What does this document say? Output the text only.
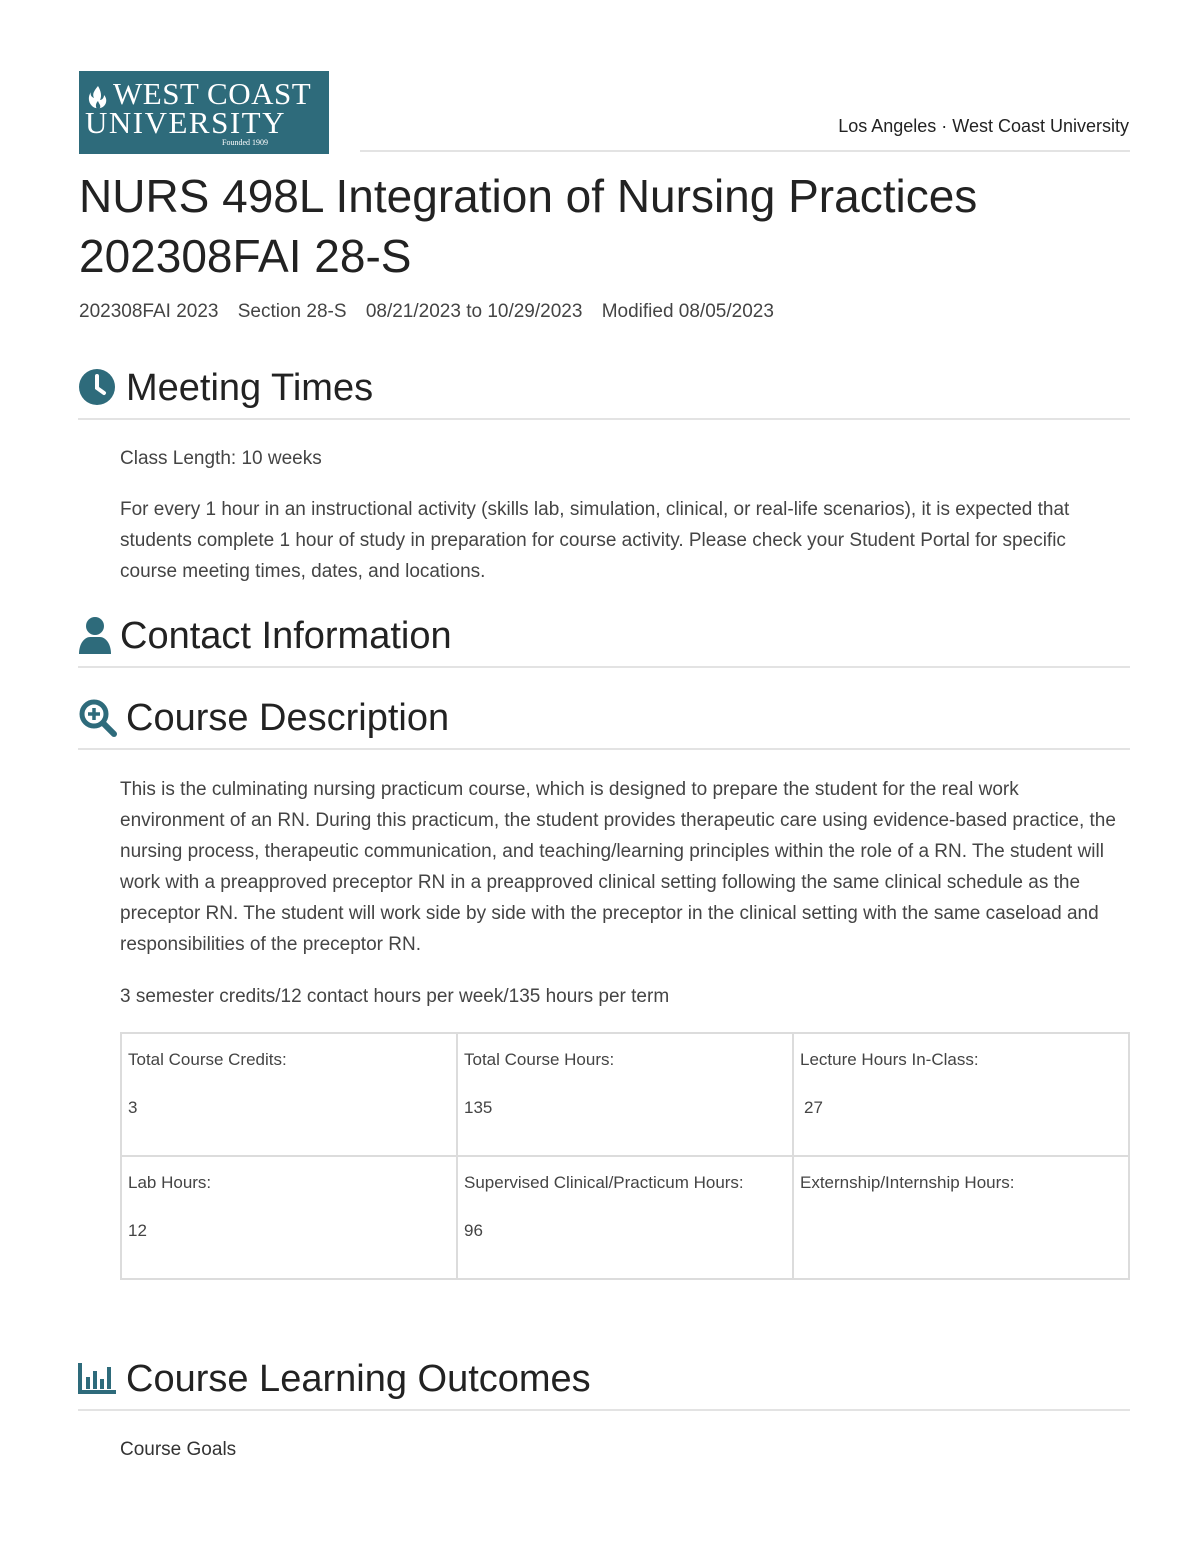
WEST COAST
UNIVERSITY
Founded 1909
Los Angeles · West Coast University
NURS 498L Integration of Nursing Practices 202308FAI 28-S
202308FAI 2023 Section 28-S 08/21/2023 to 10/29/2023 Modified 08/05/2023
Meeting Times
Class Length: 10 weeks
For every 1 hour in an instructional activity (skills lab, simulation, clinical, or real-life scenarios), it is expected that students complete 1 hour of study in preparation for course activity. Please check your Student Portal for specific course meeting times, dates, and locations.
Contact Information
Course Description
This is the culminating nursing practicum course, which is designed to prepare the student for the real work environment of an RN. During this practicum, the student provides therapeutic care using evidence-based practice, the nursing process, therapeutic communication, and teaching/learning principles within the role of a RN. The student will work with a preapproved preceptor RN in a preapproved clinical setting following the same clinical schedule as the preceptor RN. The student will work side by side with the preceptor in the clinical setting with the same caseload and responsibilities of the preceptor RN.
3 semester credits/12 contact hours per week/135 hours per term
Total Course Credits:
3	Total Course Hours:
135	Lecture Hours In-Class:
27

Lab Hours:
12	Supervised Clinical/Practicum Hours:
96	Externship/Internship Hours:
Course Learning Outcomes
Course Goals
